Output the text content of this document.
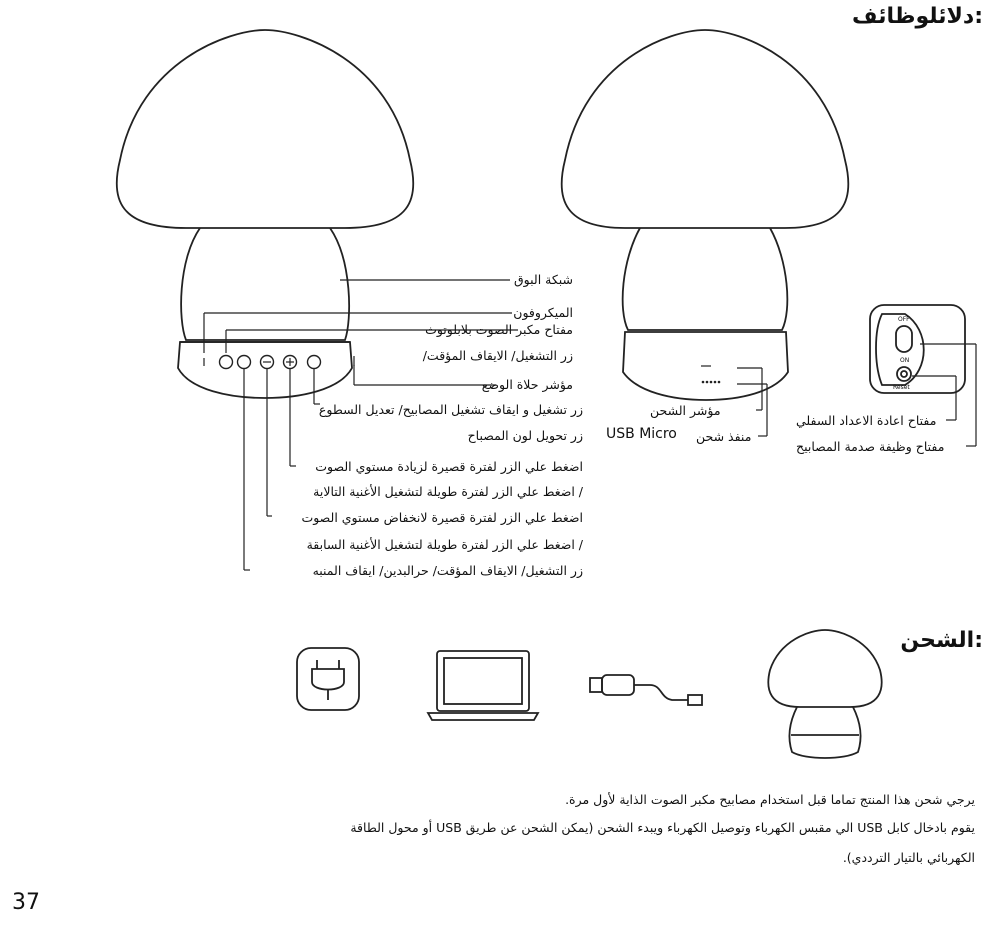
دلائلوظائف:
الشحن:
شبكة البوق
الميكروفون
مفتاح مكبر الصوت بلابلوتوث
زر التشغيل/ الايقاف المؤقت/
مؤشر حلاة الوضع
زر تشغيل و ايقاف تشغيل المصابيح/ تعديل السطوع
زر تحويل لون المصباح
اضغط علي الزر لفترة قصيرة لزيادة مستوي الصوت
/ اضغط علي الزر لفترة طويلة لتشغيل الأغنية التالاية
اضغط علي الزر لفترة قصيرة لانخفاض مستوي الصوت
/ اضغط علي الزر لفترة طويلة لتشغيل الأغنية السابقة
زر التشغيل/ الايقاف المؤقت/ حرالبدين/ ايقاف المنبه
مؤشر الشحن
منفذ شحن
USB Micro
مفتاح اعادة الاعداد السفلي
مفتاح وظيفة صدمة المصابيح
OFF
ON
Reset
يرجي شحن هذا المنتج تماما قبل استخدام مصابيح مكبر الصوت الذاية لأول مرة.
يقوم بادخال كابل USB الي مقبس الكهرباء وتوصيل الكهرباء ويبدء الشحن (يمكن الشحن عن طريق USB أو محول الطاقة
الكهربائي بالتيار الترددي).
37
